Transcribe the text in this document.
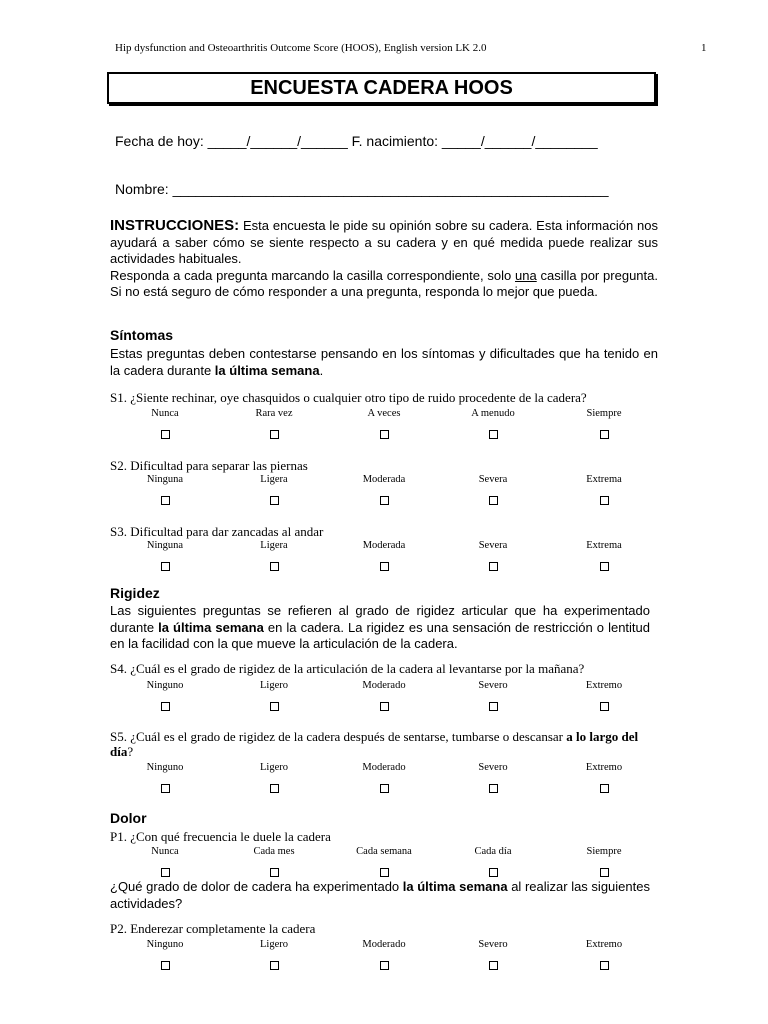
Hip dysfunction and Osteoarthritis Outcome Score (HOOS), English version LK 2.0	1
ENCUESTA CADERA HOOS
Fecha de hoy: _____/______/______ F. nacimiento: _____/______/________
Nombre: ________________________________________________________
INSTRUCCIONES: Esta encuesta le pide su opinión sobre su cadera. Esta información nos ayudará a saber cómo se siente respecto a su cadera y en qué medida puede realizar sus actividades habituales.
Responda a cada pregunta marcando la casilla correspondiente, solo una casilla por pregunta. Si no está seguro de cómo responder a una pregunta, responda lo mejor que pueda.
Síntomas
Estas preguntas deben contestarse pensando en los síntomas y dificultades que ha tenido en la cadera durante la última semana.
S1. ¿Siente rechinar, oye chasquidos o cualquier otro tipo de ruido procedente de la cadera?
Nunca	Rara vez	A veces	A menudo	Siempre
S2. Dificultad para separar las piernas
Ninguna	Ligera	Moderada	Severa	Extrema
S3. Dificultad para dar zancadas al andar
Ninguna	Ligera	Moderada	Severa	Extrema
Rigidez
Las siguientes preguntas se refieren al grado de rigidez articular que ha experimentado durante la última semana en la cadera. La rigidez es una sensación de restricción o lentitud en la facilidad con la que mueve la articulación de la cadera.
S4. ¿Cuál es el grado de rigidez de la articulación de la cadera al levantarse por la mañana?
Ninguno	Ligero	Moderado	Severo	Extremo
S5. ¿Cuál es el grado de rigidez de la cadera después de sentarse, tumbarse o descansar a lo largo del
día?
Ninguno	Ligero	Moderado	Severo	Extremo
Dolor
P1. ¿Con qué frecuencia le duele la cadera
Nunca	Cada mes	Cada semana	Cada día	Siempre
¿Qué grado de dolor de cadera ha experimentado la última semana al realizar las siguientes actividades?
P2. Enderezar completamente la cadera
Ninguno	Ligero	Moderado	Severo	Extremo
